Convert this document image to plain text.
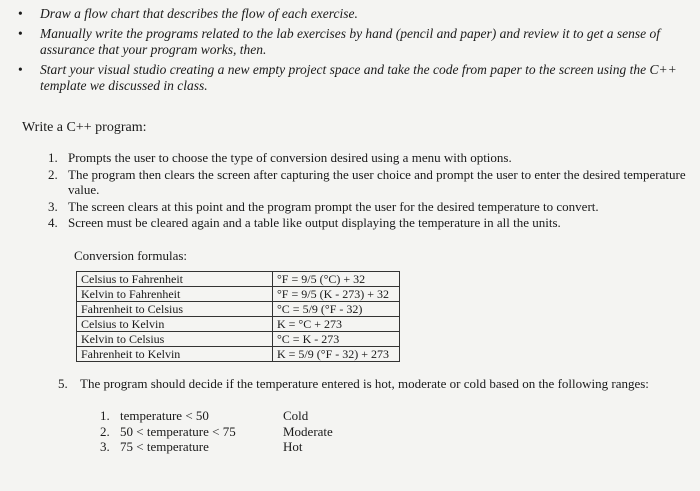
• Draw a flow chart that describes the flow of each exercise.
• Manually write the programs related to the lab exercises by hand (pencil and paper) and review it to get a sense of assurance that your program works, then.
• Start your visual studio creating a new empty project space and take the code from paper to the screen using the C++ template we discussed in class.
Write a C++ program:
1. Prompts the user to choose the type of conversion desired using a menu with options.
2. The program then clears the screen after capturing the user choice and prompt the user to enter the desired temperature value.
3. The screen clears at this point and the program prompt the user for the desired temperature to convert.
4. Screen must be cleared again and a table like output displaying the temperature in all the units.
Conversion formulas:
Celsius to Fahrenheit	°F = 9/5 (°C) + 32
Kelvin to Fahrenheit	°F = 9/5 (K - 273) + 32
Fahrenheit to Celsius	°C = 5/9 (°F - 32)
Celsius to Kelvin	K = °C + 273
Kelvin to Celsius	°C = K - 273
Fahrenheit to Kelvin	K = 5/9 (°F - 32) + 273
5. The program should decide if the temperature entered is hot, moderate or cold based on the following ranges:
1. temperature < 50	Cold
2. 50 < temperature < 75	Moderate
3. 75 < temperature	Hot
